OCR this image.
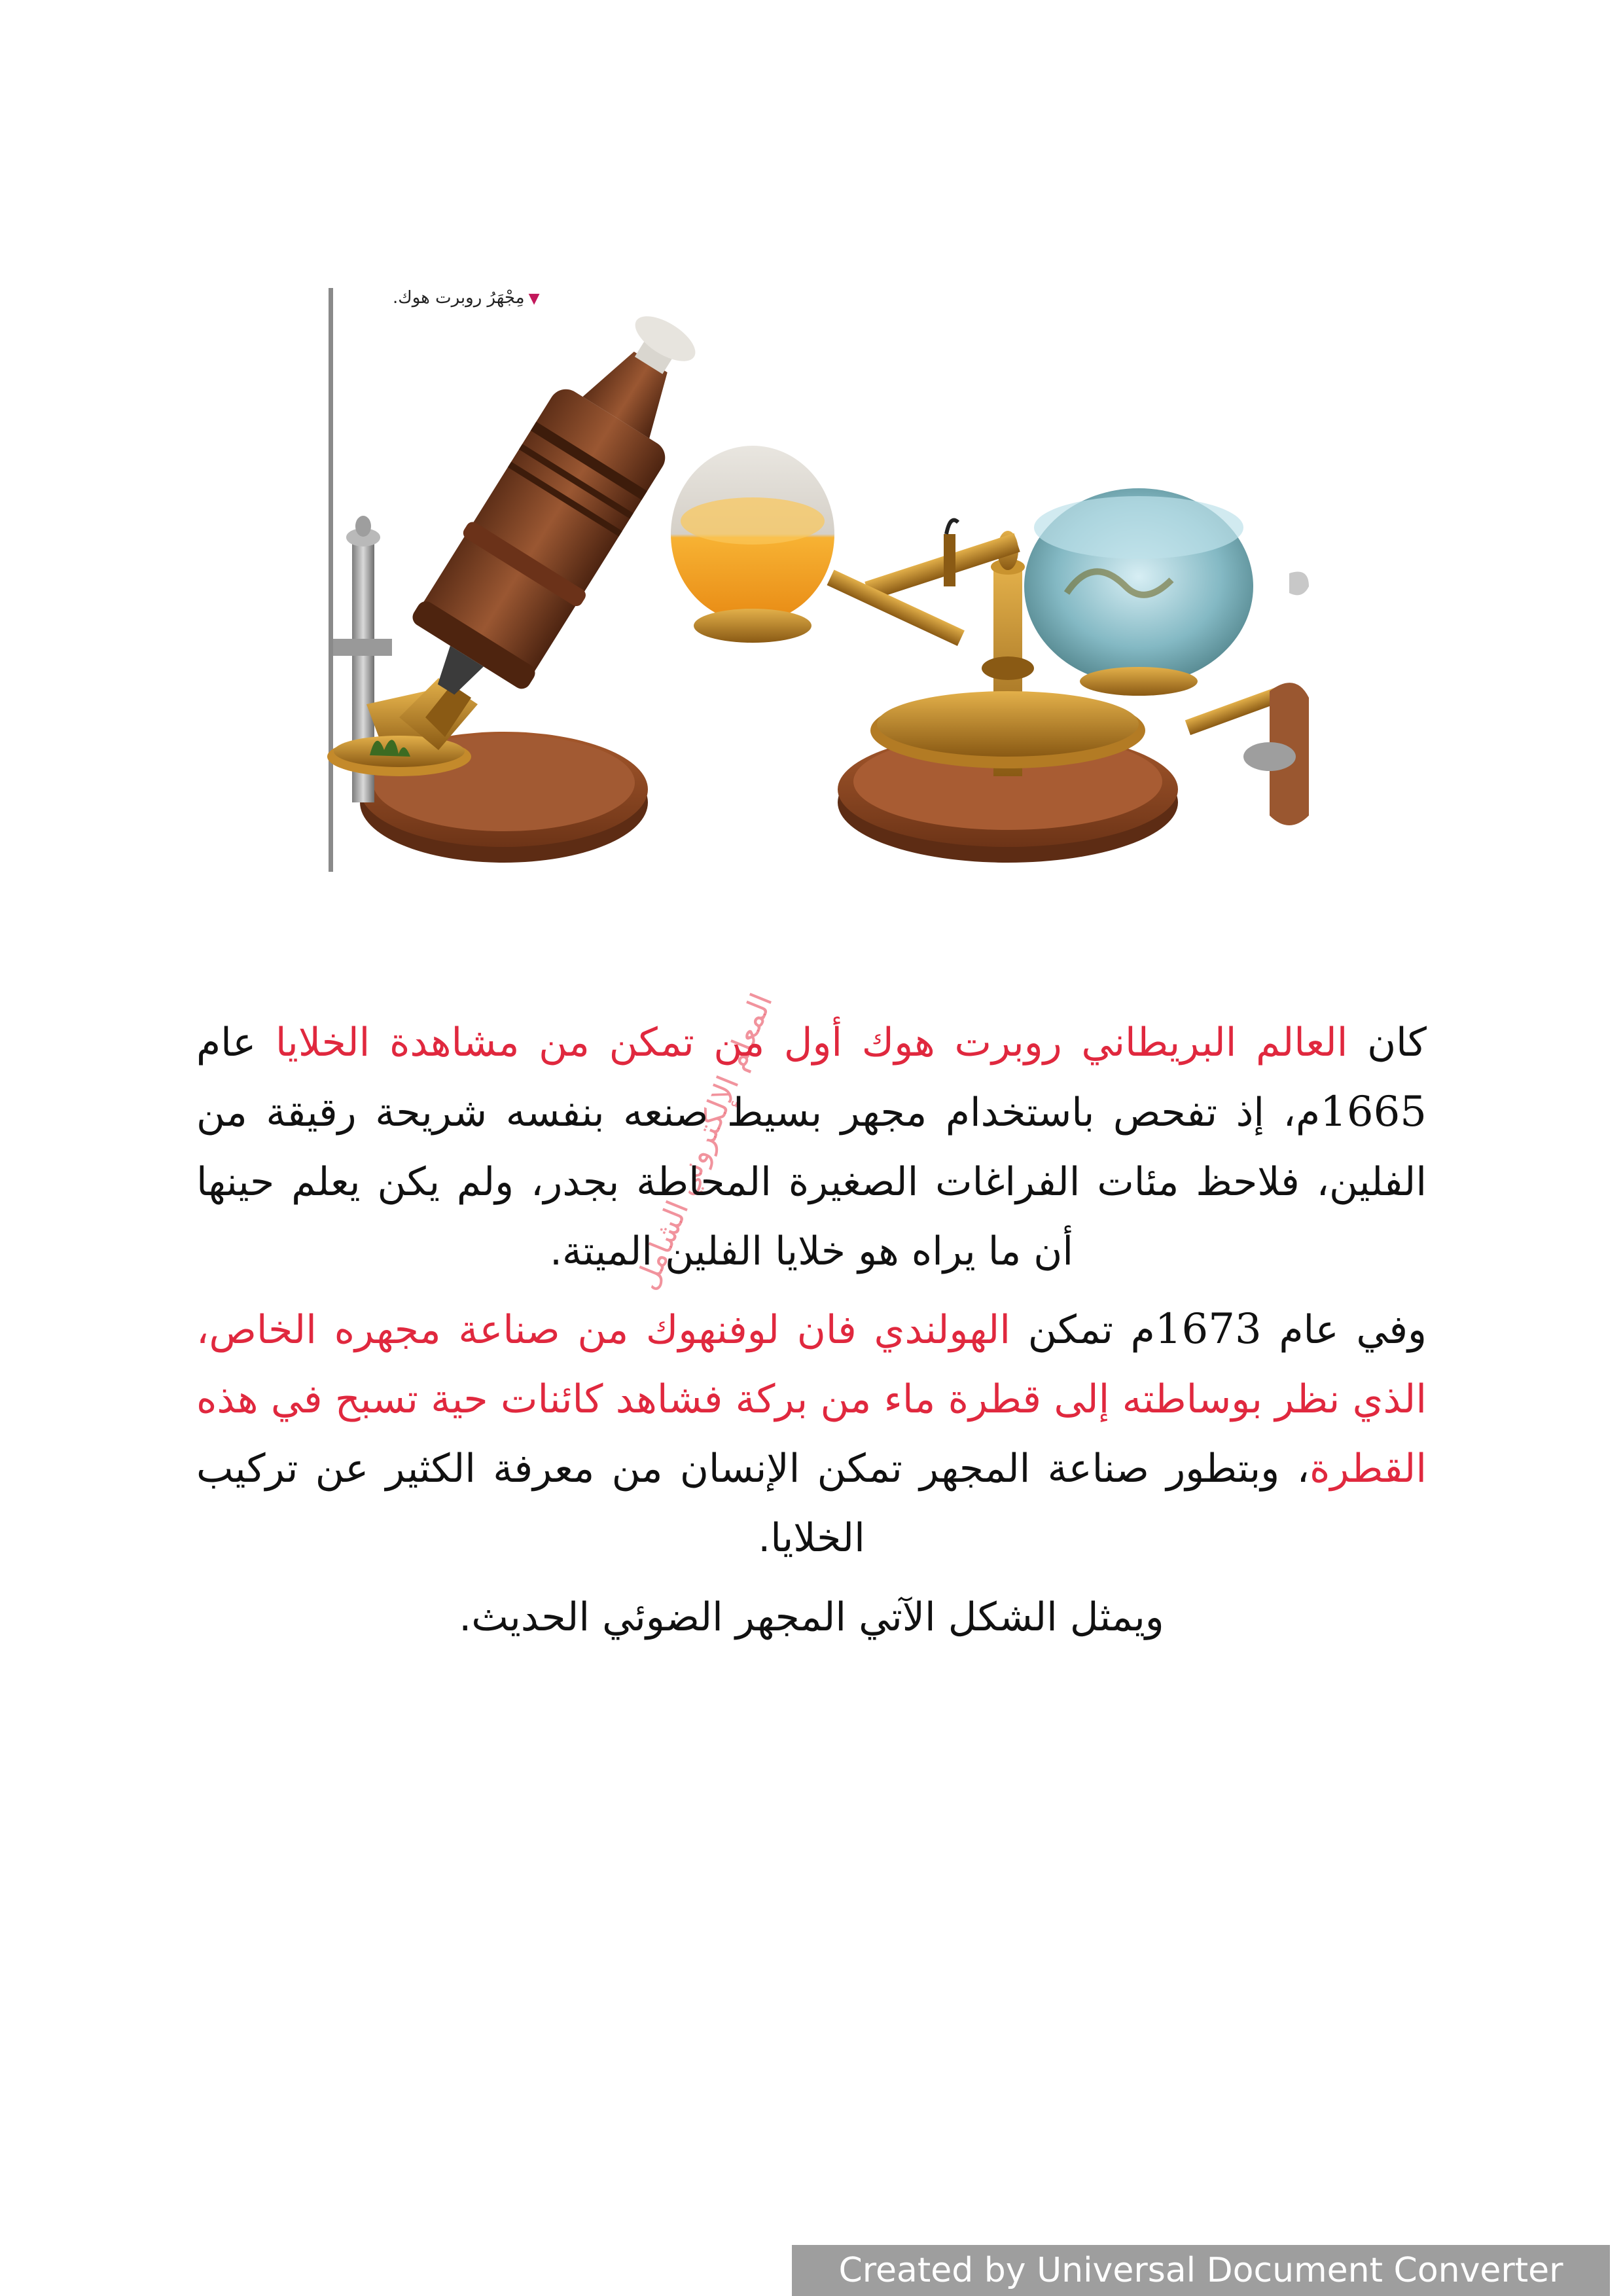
▼مِجْهَرُ روبرت هوك.
المعلم الإلكتروني الشامل	كان العالم البريطاني روبرت هوك أول من تمكن من مشاهدة الخلايا عام 1665م، إذ تفحص باستخدام مجهر بسيط صنعه بنفسه شريحة رقيقة من الفلين، فلاحظ مئات الفراغات الصغيرة المحاطة بجدر، ولم يكن يعلم حينها أن ما يراه هو خلايا الفلين الميتة.
وفي عام 1673م تمكن الهولندي فان لوفنهوك من صناعة مجهره الخاص، الذي نظر بوساطته إلى قطرة ماء من بركة فشاهد كائنات حية تسبح في هذه القطرة، وبتطور صناعة المجهر تمكن الإنسان من معرفة الكثير عن تركيب الخلايا.
ويمثل الشكل الآتي المجهر الضوئي الحديث.
Created by Universal Document Converter
